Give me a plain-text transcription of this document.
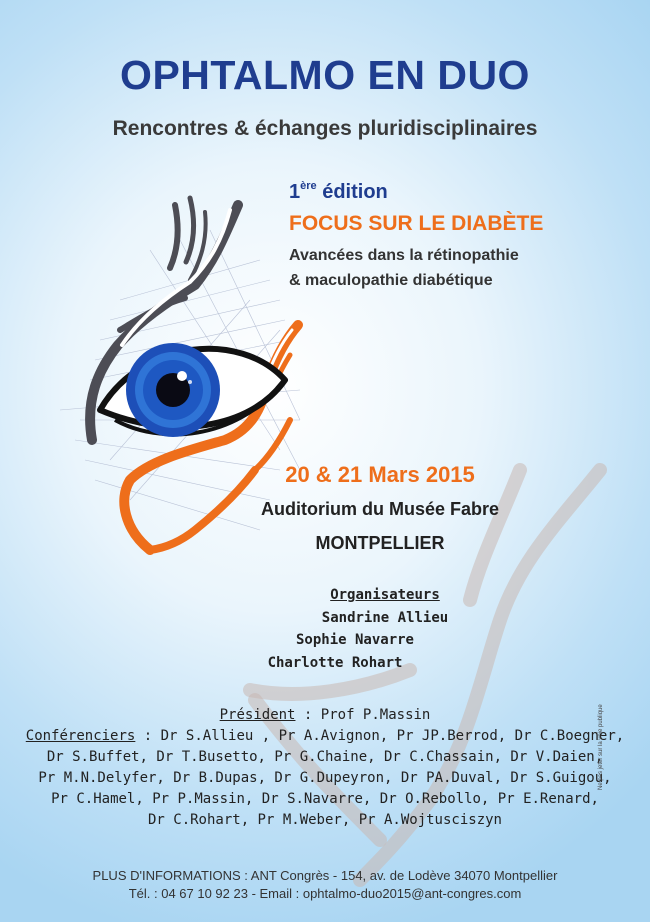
OPHTALMO EN DUO
Rencontres & échanges pluridisciplinaires
1ère édition
FOCUS SUR LE DIABÈTE
Avancées dans la rétinopathie
& maculopathie diabétique
20 & 21 Mars 2015
Auditorium du Musée Fabre
MONTPELLIER
Organisateurs
Sandrine Allieu
Sophie Navarre
Charlotte Rohart
Président : Prof P.Massin
Conférenciers : Dr S.Allieu , Pr A.Avignon, Pr JP.Berrod, Dr C.Boegner,
Dr S.Buffet, Dr T.Busetto, Pr G.Chaine, Dr C.Chassain, Dr V.Daien,
Pr M.N.Delyfer, Dr B.Dupas, Dr G.Dupeyron, Dr PA.Duval, Dr S.Guigou,
Pr C.Hamel, Pr P.Massin, Dr S.Navarre, Dr O.Rebollo, Pr E.Renard,
Dr C.Rohart, Pr M.Weber, Pr A.Wojtusciszyn
PLUS D'INFORMATIONS : ANT Congrès - 154, av. de Lodève 34070 Montpellier
Tél. : 04 67 10 92 23 - Email : ophtalmo-duo2015@ant-congres.com
Ne pas jeter sur la voie publique
